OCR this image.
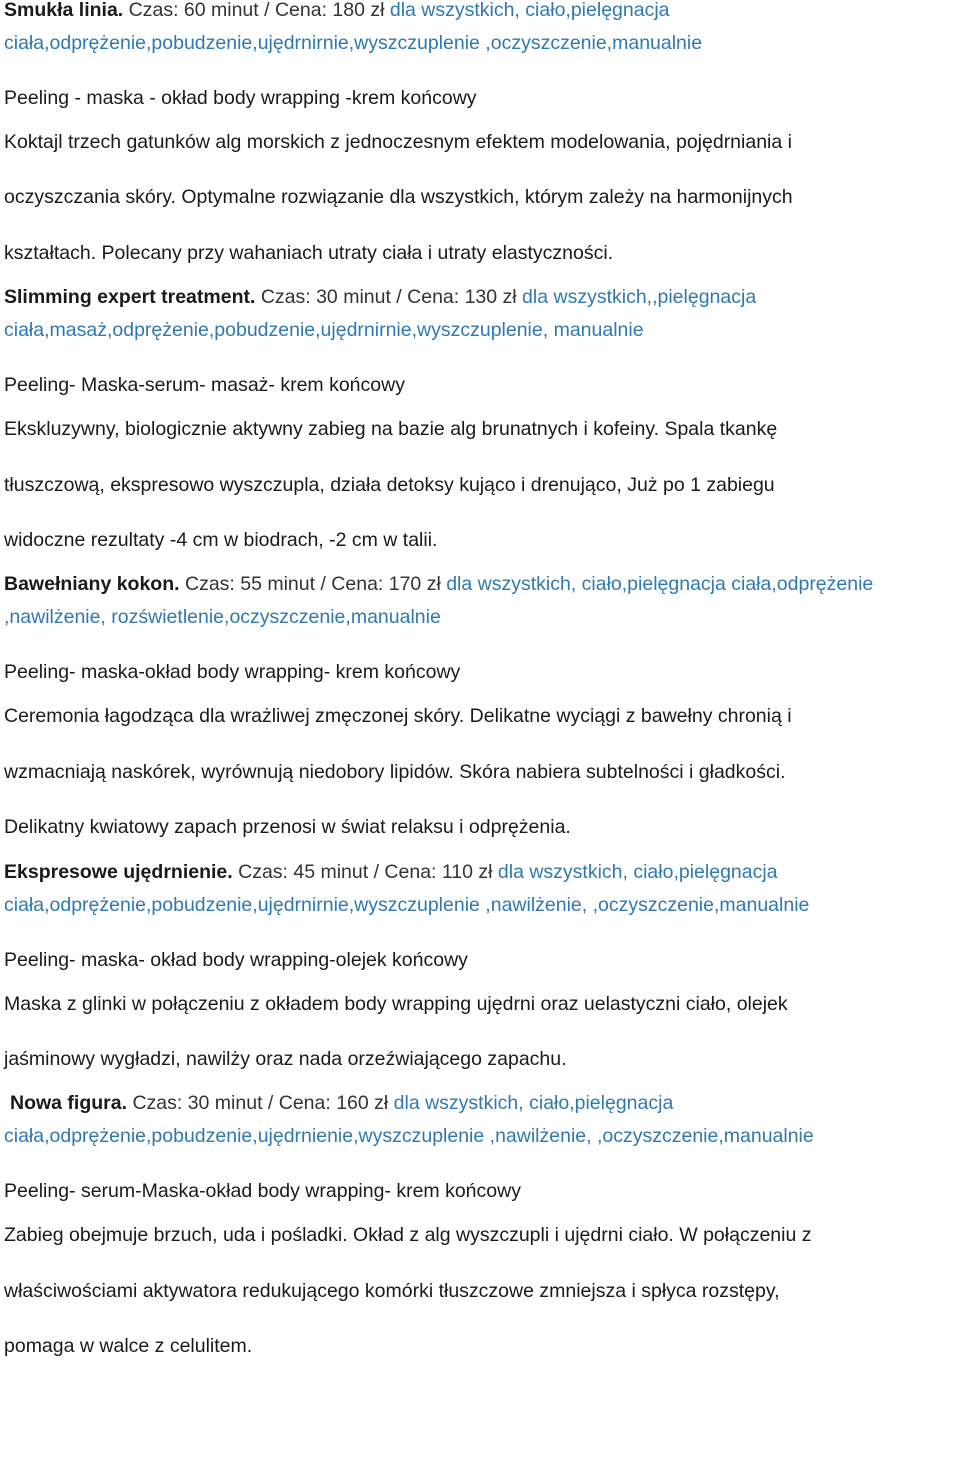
Smukła linia. Czas: 60 minut / Cena: 180 zł dla wszystkich, ciało,pielęgnacja
ciała,odprężenie,pobudzenie,ujędrnirnie,wyszczuplenie ,oczyszczenie,manualnie
Peeling - maska - okład body wrapping -krem końcowy
Koktajl trzech gatunków alg morskich z jednoczesnym efektem modelowania, pojędrniania i
oczyszczania skóry. Optymalne rozwiązanie dla wszystkich, którym zależy na harmonijnych
kształtach. Polecany przy wahaniach utraty ciała i utraty elastyczności.
Slimming expert treatment. Czas: 30 minut / Cena: 130 zł dla wszystkich,,pielęgnacja
ciała,masaż,odprężenie,pobudzenie,ujędrnirnie,wyszczuplenie, manualnie
Peeling- Maska-serum- masaż- krem końcowy
Ekskluzywny, biologicznie aktywny zabieg na bazie alg brunatnych i kofeiny. Spala tkankę
tłuszczową, ekspresowo wyszczupla, działa detoksy kująco i drenująco, Już po 1 zabiegu
widoczne rezultaty -4 cm w biodrach, -2 cm w talii.
Bawełniany kokon. Czas: 55 minut / Cena: 170 zł dla wszystkich, ciało,pielęgnacja ciała,odprężenie
,nawilżenie, rozświetlenie,oczyszczenie,manualnie
Peeling- maska-okład body wrapping- krem końcowy
Ceremonia łagodząca dla wrażliwej zmęczonej skóry. Delikatne wyciągi z bawełny chronią i
wzmacniają naskórek, wyrównują niedobory lipidów. Skóra nabiera subtelności i gładkości.
Delikatny kwiatowy zapach przenosi w świat relaksu i odprężenia.
Ekspresowe ujędrnienie. Czas: 45 minut / Cena: 110 zł dla wszystkich, ciało,pielęgnacja
ciała,odprężenie,pobudzenie,ujędrnirnie,wyszczuplenie ,nawilżenie, ,oczyszczenie,manualnie
Peeling- maska- okład body wrapping-olejek końcowy
Maska z glinki w połączeniu z okładem body wrapping ujędrni oraz uelastyczni ciało, olejek
jaśminowy wygładzi, nawilży oraz nada orzeźwiającego zapachu.
Nowa figura. Czas: 30 minut / Cena: 160 zł dla wszystkich, ciało,pielęgnacja
ciała,odprężenie,pobudzenie,ujędrnienie,wyszczuplenie ,nawilżenie, ,oczyszczenie,manualnie
Peeling- serum-Maska-okład body wrapping- krem końcowy
Zabieg obejmuje brzuch, uda i pośladki. Okład z alg wyszczupli i ujędrni ciało. W połączeniu z
właściwościami aktywatora redukującego komórki tłuszczowe zmniejsza i spłyca rozstępy,
pomaga w walce z celulitem.
